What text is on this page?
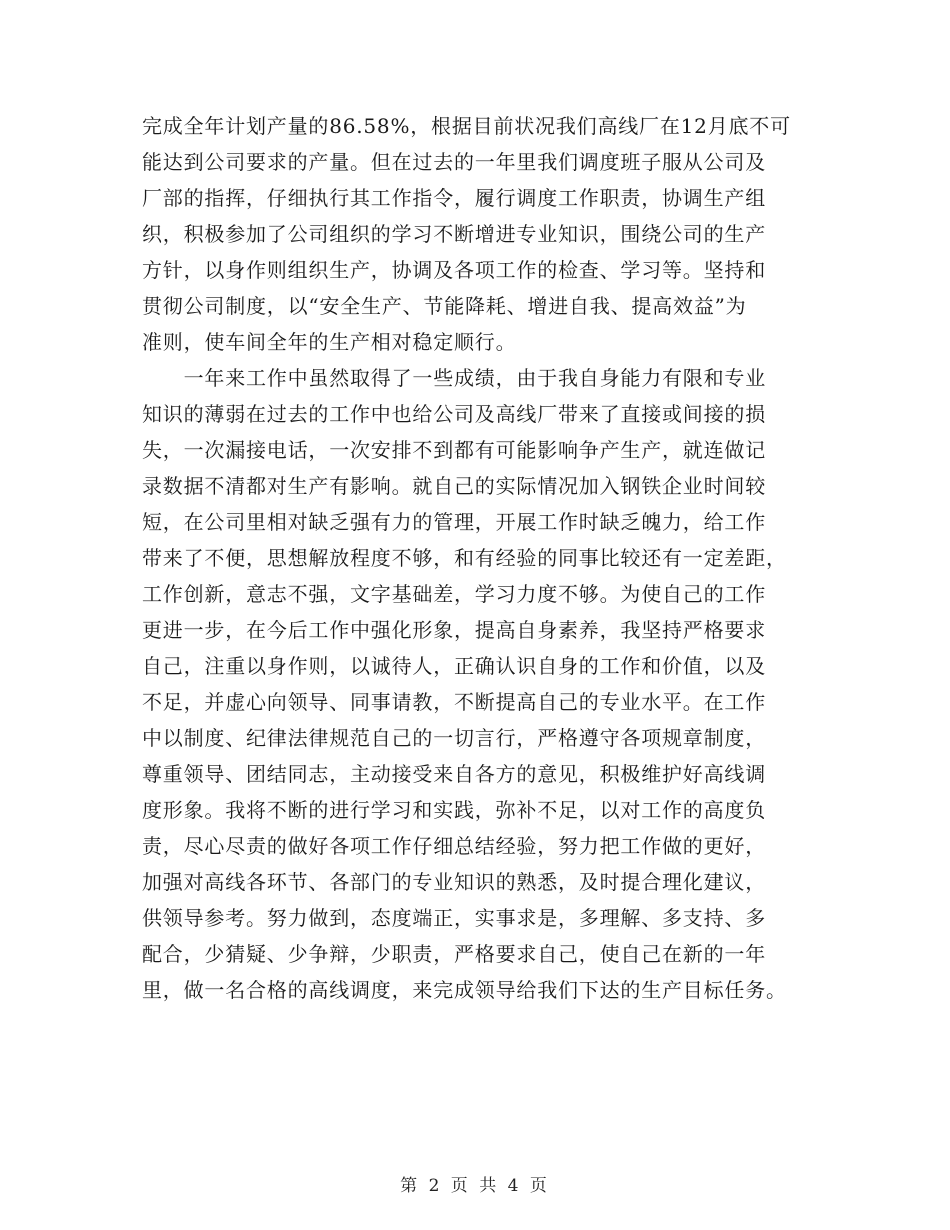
完成全年计划产量的86.58%，根据目前状况我们高线厂在12月底不可
能达到公司要求的产量。但在过去的一年里我们调度班子服从公司及
厂部的指挥，仔细执行其工作指令，履行调度工作职责，协调生产组
织，积极参加了公司组织的学习不断增进专业知识，围绕公司的生产
方针，以身作则组织生产，协调及各项工作的检查、学习等。坚持和
贯彻公司制度，以“安全生产、节能降耗、增进自我、提高效益”为
准则，使车间全年的生产相对稳定顺行。
　　一年来工作中虽然取得了一些成绩，由于我自身能力有限和专业
知识的薄弱在过去的工作中也给公司及高线厂带来了直接或间接的损
失，一次漏接电话，一次安排不到都有可能影响争产生产，就连做记
录数据不清都对生产有影响。就自己的实际情况加入钢铁企业时间较
短，在公司里相对缺乏强有力的管理，开展工作时缺乏魄力，给工作
带来了不便，思想解放程度不够，和有经验的同事比较还有一定差距，
工作创新，意志不强，文字基础差，学习力度不够。为使自己的工作
更进一步，在今后工作中强化形象，提高自身素养，我坚持严格要求
自己，注重以身作则，以诚待人，正确认识自身的工作和价值，以及
不足，并虚心向领导、同事请教，不断提高自己的专业水平。在工作
中以制度、纪律法律规范自己的一切言行，严格遵守各项规章制度，
尊重领导、团结同志，主动接受来自各方的意见，积极维护好高线调
度形象。我将不断的进行学习和实践，弥补不足，以对工作的高度负
责，尽心尽责的做好各项工作仔细总结经验，努力把工作做的更好，
加强对高线各环节、各部门的专业知识的熟悉，及时提合理化建议，
供领导参考。努力做到，态度端正，实事求是，多理解、多支持、多
配合，少猜疑、少争辩，少职责，严格要求自己，使自己在新的一年
里，做一名合格的高线调度，来完成领导给我们下达的生产目标任务。
第 2 页 共 4 页
